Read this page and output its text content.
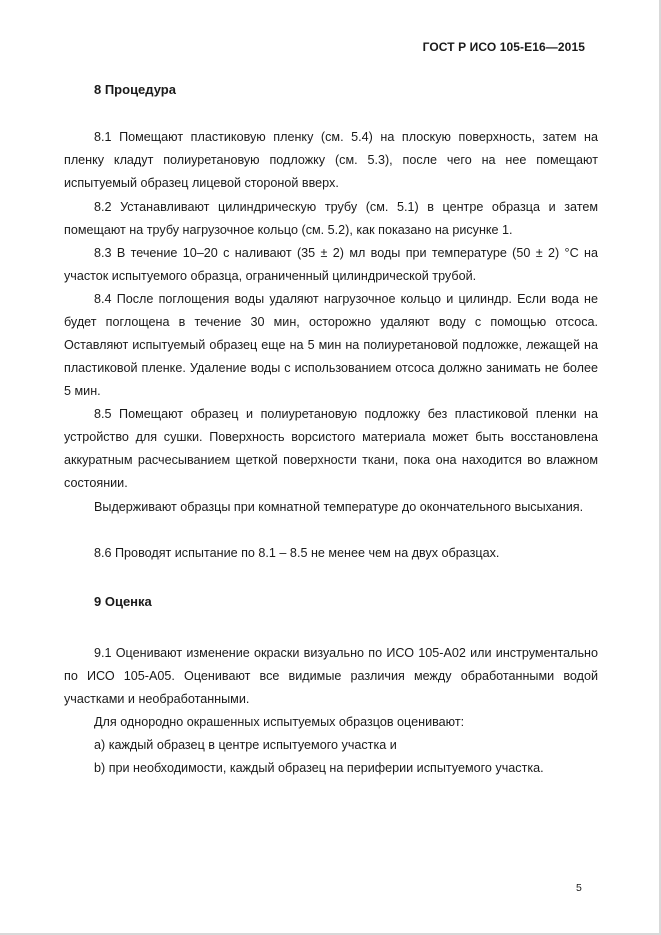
ГОСТ Р ИСО 105-E16—2015
8 Процедура

8.1 Помещают пластиковую пленку (см. 5.4) на плоскую поверхность, затем на пленку кладут полиуретановую подложку (см. 5.3), после чего на нее помещают испытуемый образец лицевой стороной вверх.

8.2 Устанавливают цилиндрическую трубу (см. 5.1) в центре образца и затем помещают на трубу нагрузочное кольцо (см. 5.2), как показано на рисунке 1.

8.3 В течение 10–20 с наливают (35 ± 2) мл воды при температуре (50 ± 2) °С на участок испытуемого образца, ограниченный цилиндрической трубой.

8.4 После поглощения воды удаляют нагрузочное кольцо и цилиндр. Если вода не будет поглощена в течение 30 мин, осторожно удаляют воду с помощью отсоса. Оставляют испытуемый образец еще на 5 мин на полиуретановой подложке, лежащей на пластиковой пленке. Удаление воды с использованием отсоса должно занимать не более 5 мин.

8.5 Помещают образец и полиуретановую подложку без пластиковой пленки на устройство для сушки. Поверхность ворсистого материала может быть восстановлена аккуратным расчесыванием щеткой поверхности ткани, пока она находится во влажном состоянии.

Выдерживают образцы при комнатной температуре до окончательного высыхания.

8.6 Проводят испытание по 8.1 – 8.5 не менее чем на двух образцах.

9 Оценка

9.1 Оценивают изменение окраски визуально по ИСО 105-A02 или инструментально по ИСО 105-A05. Оценивают все видимые различия между обработанными водой участками и необработанными.

Для однородно окрашенных испытуемых образцов оценивают:

a) каждый образец в центре испытуемого участка и

b) при необходимости, каждый образец на периферии испытуемого участка.

5
